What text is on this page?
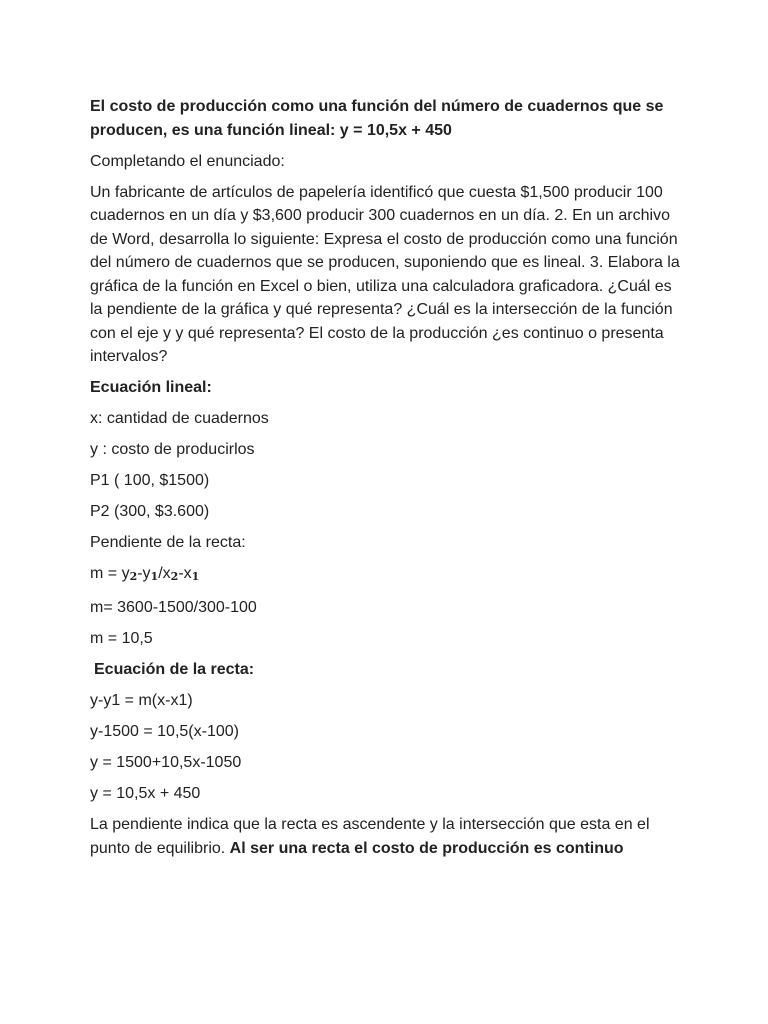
El costo de producción como una función del número de cuadernos que se producen, es una función lineal: y = 10,5x + 450

Completando el enunciado:

Un fabricante de artículos de papelería identificó que cuesta $1,500 producir 100 cuadernos en un día y $3,600 producir 300 cuadernos en un día. 2. En un archivo de Word, desarrolla lo siguiente: Expresa el costo de producción como una función del número de cuadernos que se producen, suponiendo que es lineal. 3. Elabora la gráfica de la función en Excel o bien, utiliza una calculadora graficadora. ¿Cuál es la pendiente de la gráfica y qué representa? ¿Cuál es la intersección de la función con el eje y y qué representa? El costo de la producción ¿es continuo o presenta intervalos?

Ecuación lineal:

x: cantidad de cuadernos

y : costo de producirlos

P1 ( 100, $1500)

P2 (300, $3.600)

Pendiente de la recta:

m = y2-y1/x2-x1

m= 3600-1500/300-100

m = 10,5

Ecuación de la recta:

y-y1 = m(x-x1)

y-1500 = 10,5(x-100)

y = 1500+10,5x-1050

y = 10,5x + 450

La pendiente indica que la recta es ascendente y la intersección que esta en el punto de equilibrio. Al ser una recta el costo de producción es continuo
